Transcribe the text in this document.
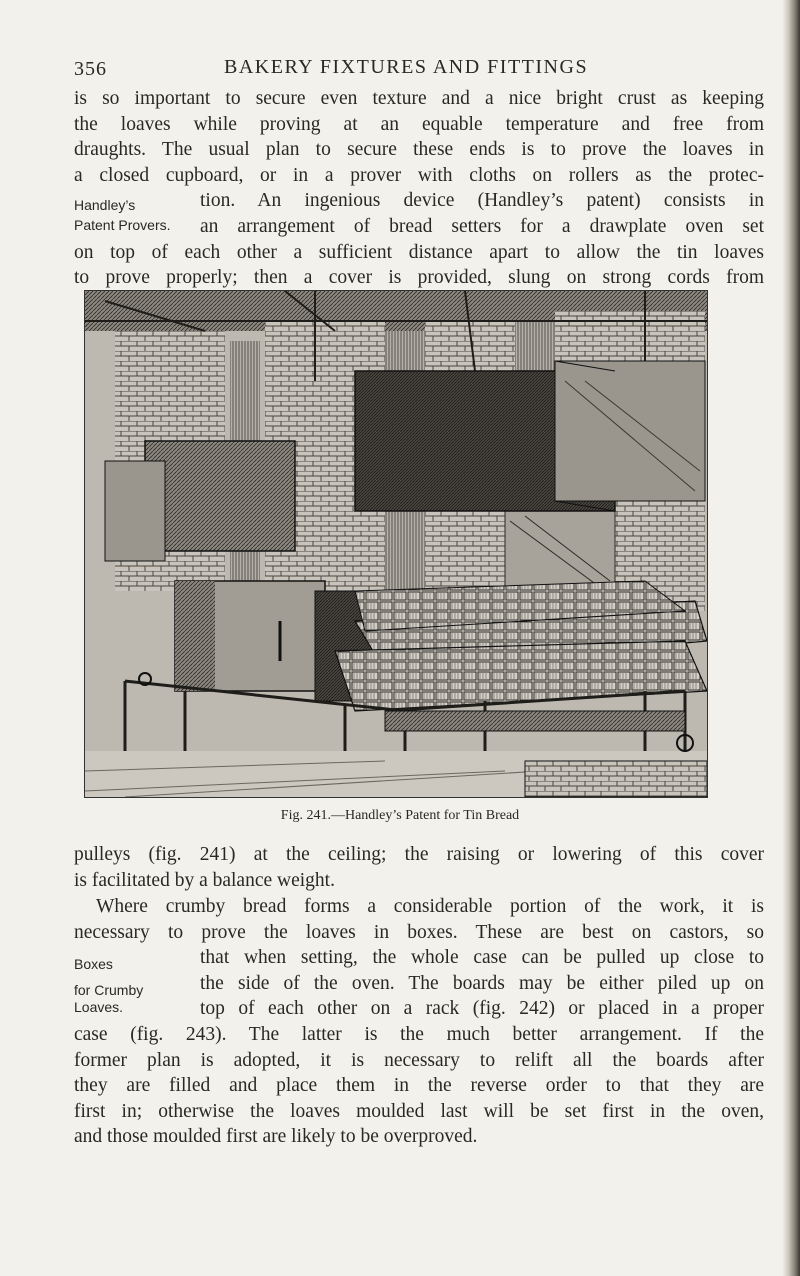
356	BAKERY FIXTURES AND FITTINGS
is so important to secure even texture and a nice bright crust as keeping
the loaves while proving at an equable temperature and free from
draughts. The usual plan to secure these ends is to prove the loaves in
a closed cupboard, or in a prover with cloths on rollers as the protec-
tion. An ingenious device (Handley’s patent) consists in
an arrangement of bread setters for a drawplate oven set
on top of each other a sufficient distance apart to allow the tin loaves
to prove properly; then a cover is provided, slung on strong cords from
Handley’s
Patent Provers.
Fig. 241.—Handley’s Patent for Tin Bread
pulleys (fig. 241) at the ceiling; the raising or lowering of this cover
is facilitated by a balance weight.
Where crumby bread forms a considerable portion of the work, it is
necessary to prove the loaves in boxes. These are best on castors, so
that when setting, the whole case can be pulled up close to
the side of the oven. The boards may be either piled up on
top of each other on a rack (fig. 242) or placed in a proper
case (fig. 243). The latter is the much better arrangement. If the
former plan is adopted, it is necessary to relift all the boards after
they are filled and place them in the reverse order to that they are
first in; otherwise the loaves moulded last will be set first in the oven,
and those moulded first are likely to be overproved.
Boxes
for Crumby
Loaves.
